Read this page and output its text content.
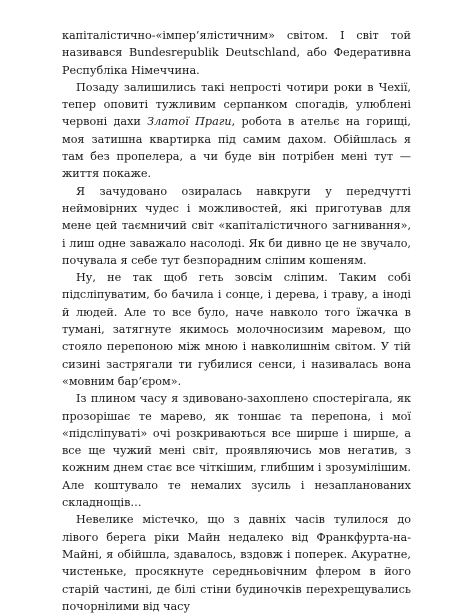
капіталістично-«імпер’ялістичним» світом. І світ той називався Bundesrepublik Deutschland, або Федеративна Республіка Німеччина.

Позаду залишились такі непрості чотири роки в Чехії, тепер оповиті тужливим серпанком спогадів, улюблені червоні дахи Златої Праги, робота в ательє на горищі, моя затишна квартирка під самим дахом. Обійшлась я там без пропелера, а чи буде він потрібен мені тут — життя покаже.

Я зачудовано озиралась навкруги у передчутті неймовірних чудес і можливостей, які приготував для мене цей таємничий світ «капіталістичного загнивання», і лиш одне заважало насолоді. Як би дивно це не звучало, почувала я себе тут безпорадним сліпим кошеням.

Ну, не так щоб геть зовсім сліпим. Таким собі підсліпуватим, бо бачила і сонце, і дерева, і траву, а іноді й людей. Але то все було, наче навколо того їжачка в тумані, затягнуте якимось молочносизим маревом, що стояло перепоною між мною і навколишнім світом. У тій сизині застрягали ти губилися сенси, і називалась вона «мовним бар’єром».

Із плином часу я здивовано-захоплено спостерігала, як прозорішає те марево, як тоншає та перепона, і мої «підсліпуваті» очі розкриваються все ширше і ширше, а все ще чужий мені світ, проявляючись мов негатив, з кожним днем стає все чіткішим, глибшим і зрозумілішим. Але коштувало те немалих зусиль і незапланованих складнощів…

Невелике містечко, що з давніх часів тулилося до лівого берега ріки Майн недалеко від Франкфурта-на-Майні, я обійшла, здавалось, вздовж і поперек. Акуратне, чистеньке, просякнуте середньовічним флером в його старій частині, де білі стіни будиночків перехрещувались почорнілими від часу
